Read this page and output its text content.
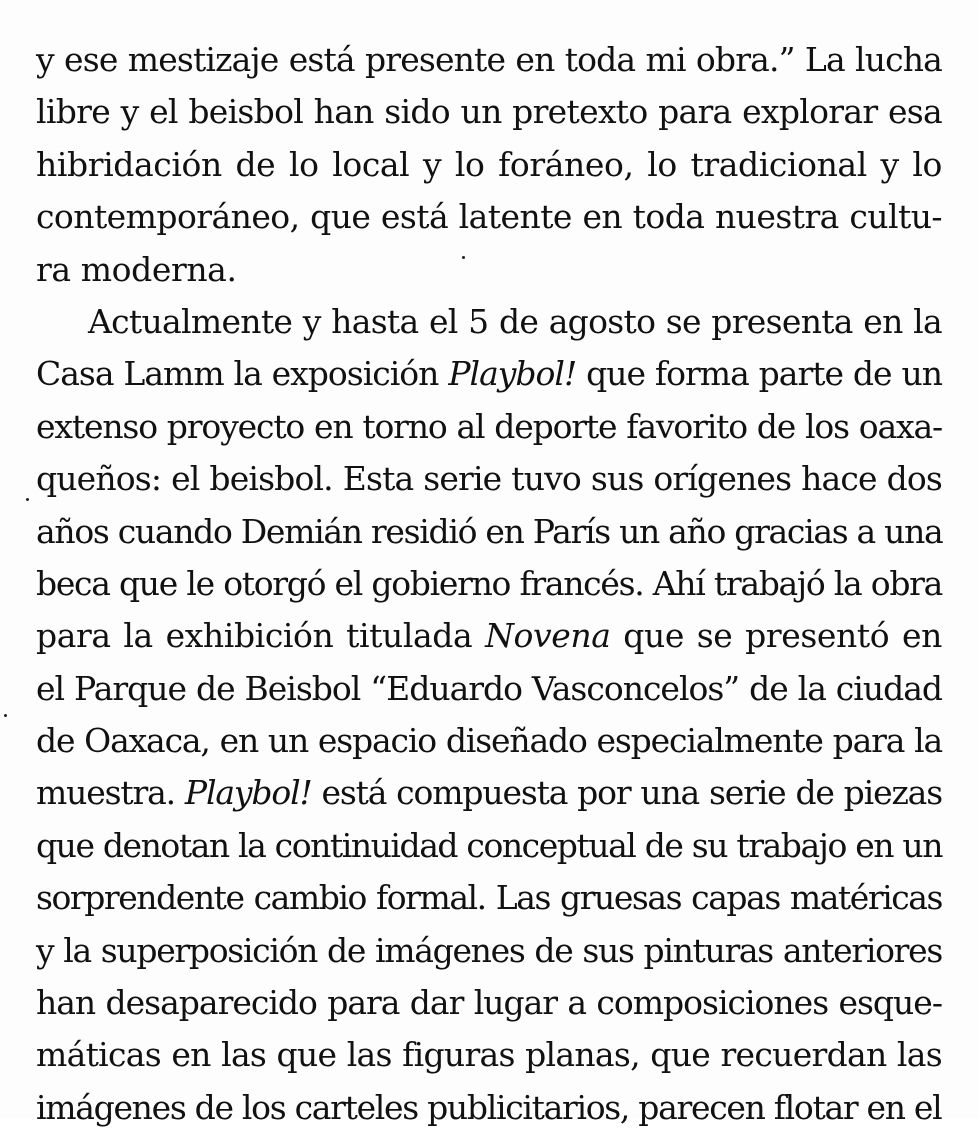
y ese mestizaje está presente en toda mi obra.” La lucha
libre y el beisbol han sido un pretexto para explorar esa
hibridación de lo local y lo foráneo, lo tradicional y lo
contemporáneo, que está latente en toda nuestra cultu-
ra moderna.
Actualmente y hasta el 5 de agosto se presenta en la
Casa Lamm la exposición Playbol! que forma parte de un
extenso proyecto en torno al deporte favorito de los oaxa-
queños: el beisbol. Esta serie tuvo sus orígenes hace dos
años cuando Demián residió en París un año gracias a una
beca que le otorgó el gobierno francés. Ahí trabajó la obra
para la exhibición titulada Novena que se presentó en
el Parque de Beisbol “Eduardo Vasconcelos” de la ciudad
de Oaxaca, en un espacio diseñado especialmente para la
muestra. Playbol! está compuesta por una serie de piezas
que denotan la continuidad conceptual de su trabajo en un
sorprendente cambio formal. Las gruesas capas matéricas
y la superposición de imágenes de sus pinturas anteriores
han desaparecido para dar lugar a composiciones esque-
máticas en las que las figuras planas, que recuerdan las
imágenes de los carteles publicitarios, parecen flotar en el
